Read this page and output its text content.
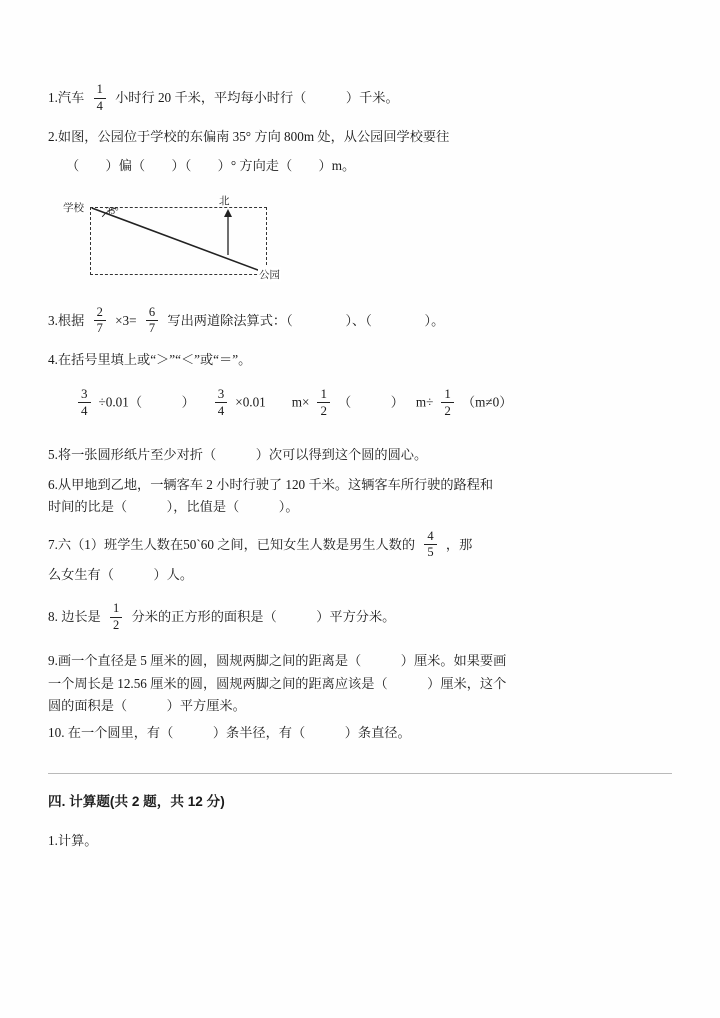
1.汽车 $\frac{1}{4}$ 小时行 20 千米，平均每小时行（　　　）千米。

2.如图，公园位于学校的东偏南 35° 方向 800m 处，从公园回学校要往

（　　）偏（　　）（　　）° 方向走（　　）m。

学校 35°
公园
北

3.根据 $\frac{2}{7} \times 3= \frac{6}{7}$ 写出两道除法算式：（　　　　）、（　　　　）。

4.在括号里填上或“＞”“＜”或“＝”。

$\frac{3}{4} \div 0.01$（　　　） $\frac{3}{4} \times 0.01$ $m\times \frac{1}{2}$ （　　　） $m\div \frac{1}{2} (m\ne 0)$

5.将一张圆形纸片至少对折（　　　）次可以得到这个圆的圆心。

6.从甲地到乙地，一辆客车 2 小时行驶了 120 千米。这辆客车所行驶的路程和

时间的比是（　　　），比值是（　　　）。

7.六（1）班学生人数在50`60 之间，已知女生人数是男生人数的 $\frac{4}{5}$ ，那

么女生有（　　　）人。

8. 边长是 $\frac{1}{2}$ 分米的正方形的面积是（　　　）平方分米。

9.画一个直径是 5 厘米的圆，圆规两脚之间的距离是（　　　）厘米。如果要画

一个周长是 12.56 厘米的圆，圆规两脚之间的距离应该是（　　　）厘米，这个

圆的面积是（　　　）平方厘米。

10. 在一个圆里，有（　　　）条半径，有（　　　）条直径。

四. 计算题(共 2 题，共 12 分)

1.计算。
